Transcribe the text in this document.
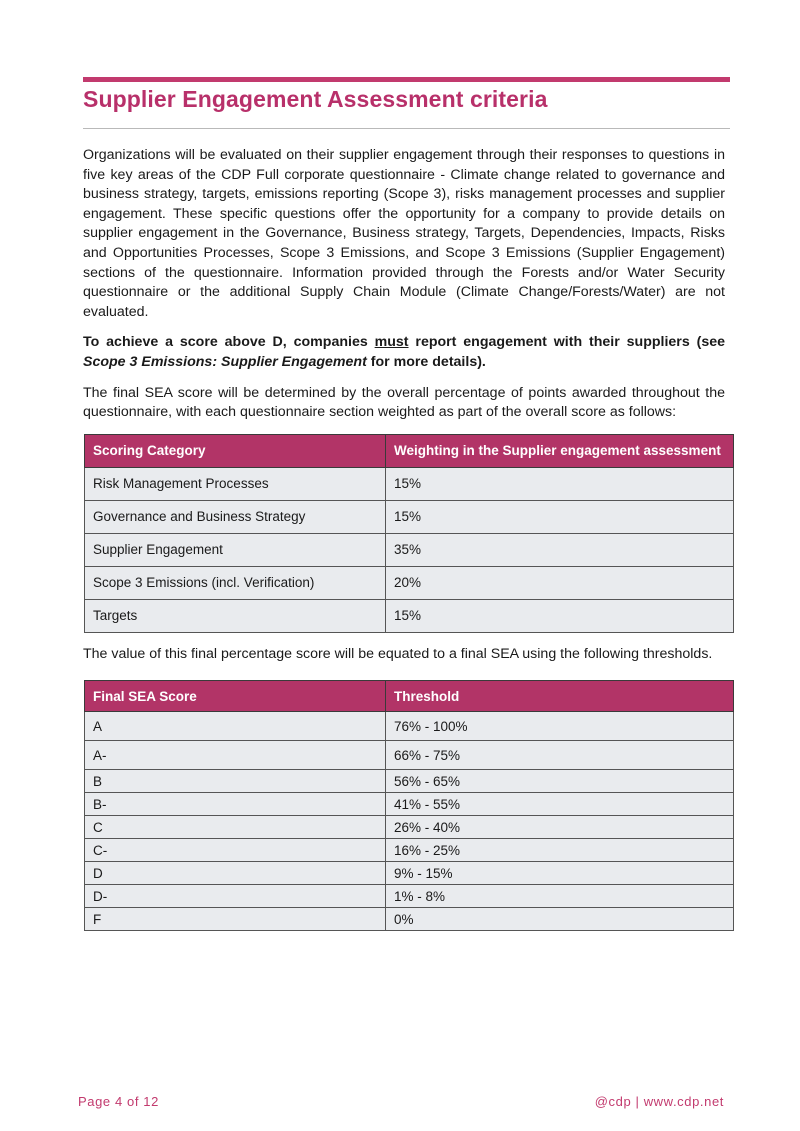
Supplier Engagement Assessment criteria

Organizations will be evaluated on their supplier engagement through their responses to questions in five key areas of the CDP Full corporate questionnaire - Climate change related to governance and business strategy, targets, emissions reporting (Scope 3), risks management processes and supplier engagement. These specific questions offer the opportunity for a company to provide details on supplier engagement in the Governance, Business strategy, Targets, Dependencies, Impacts, Risks and Opportunities Processes, Scope 3 Emissions, and Scope 3 Emissions (Supplier Engagement) sections of the questionnaire. Information provided through the Forests and/or Water Security questionnaire or the additional Supply Chain Module (Climate Change/Forests/Water) are not evaluated.

To achieve a score above D, companies must report engagement with their suppliers (see Scope 3 Emissions: Supplier Engagement for more details).

The final SEA score will be determined by the overall percentage of points awarded throughout the questionnaire, with each questionnaire section weighted as part of the overall score as follows:

Scoring Category	Weighting in the Supplier engagement assessment
Risk Management Processes	15%
Governance and Business Strategy	15%
Supplier Engagement	35%
Scope 3 Emissions (incl. Verification)	20%
Targets	15%

The value of this final percentage score will be equated to a final SEA using the following thresholds.

Final SEA Score	Threshold
A	76% - 100%
A-	66% - 75%
B	56% - 65%
B-	41% - 55%
C	26% - 40%
C-	16% - 25%
D	9% - 15%
D-	1% - 8%
F	0%
Page 4 of 12	@cdp | www.cdp.net
